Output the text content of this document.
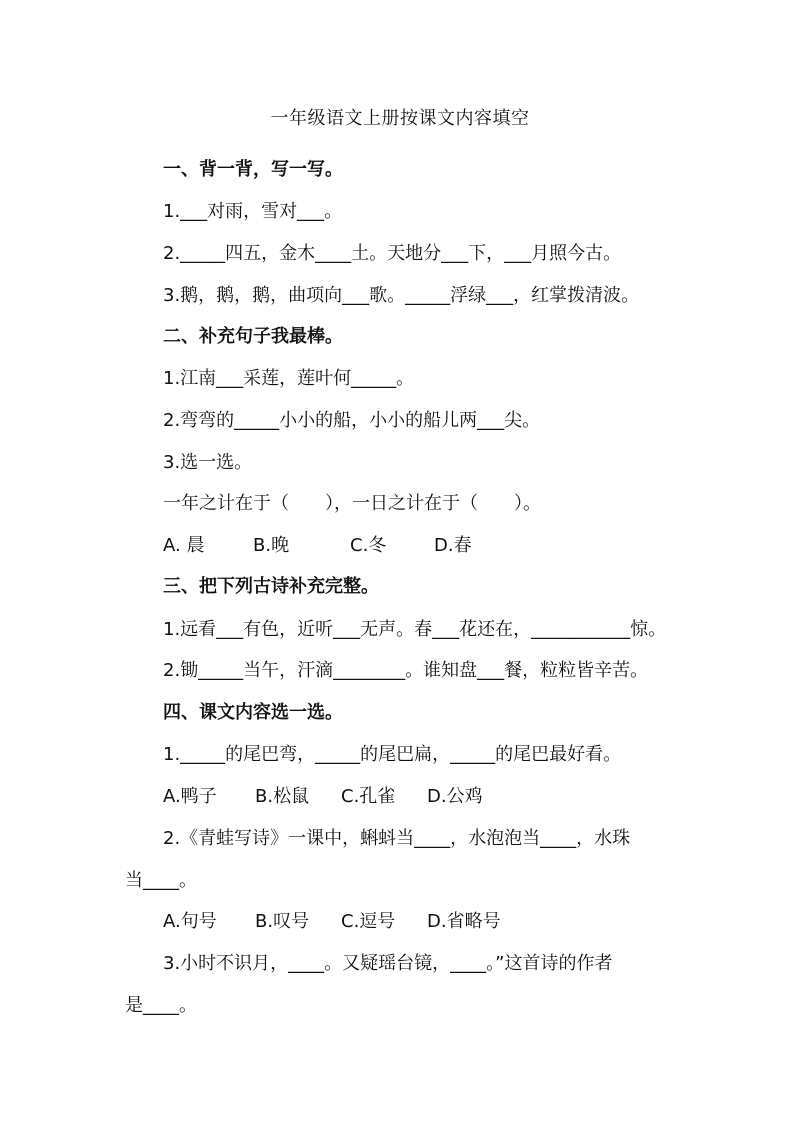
一年级语文上册按课文内容填空
一、背一背，写一写。
1.___对雨，雪对___。
2._____四五，金木____土。天地分___下，___月照今古。
3.鹅，鹅，鹅，曲项向___歌。_____浮绿___，红掌拨清波。
二、补充句子我最棒。
1.江南___采莲，莲叶何_____。
2.弯弯的_____小小的船，小小的船儿两___尖。
3.选一选。
一年之计在于（　　），一日之计在于（　　）。
A. 晨	B.晚	C.冬	D.春
三、把下列古诗补充完整。
1.远看___有色，近听___无声。春___花还在，___________惊。
2.锄_____当午，汗滴________。谁知盘___餐，粒粒皆辛苦。
四、课文内容选一选。
1._____的尾巴弯，_____的尾巴扁，_____的尾巴最好看。
A.鸭子 B.松鼠 C.孔雀 D.公鸡
2.《青蛙写诗》一课中，蝌蚪当____，水泡泡当____，水珠
当____。
A.句号 B.叹号 C.逗号 D.省略号
3.小时不识月，____。又疑瑶台镜，____。”这首诗的作者
是____。
